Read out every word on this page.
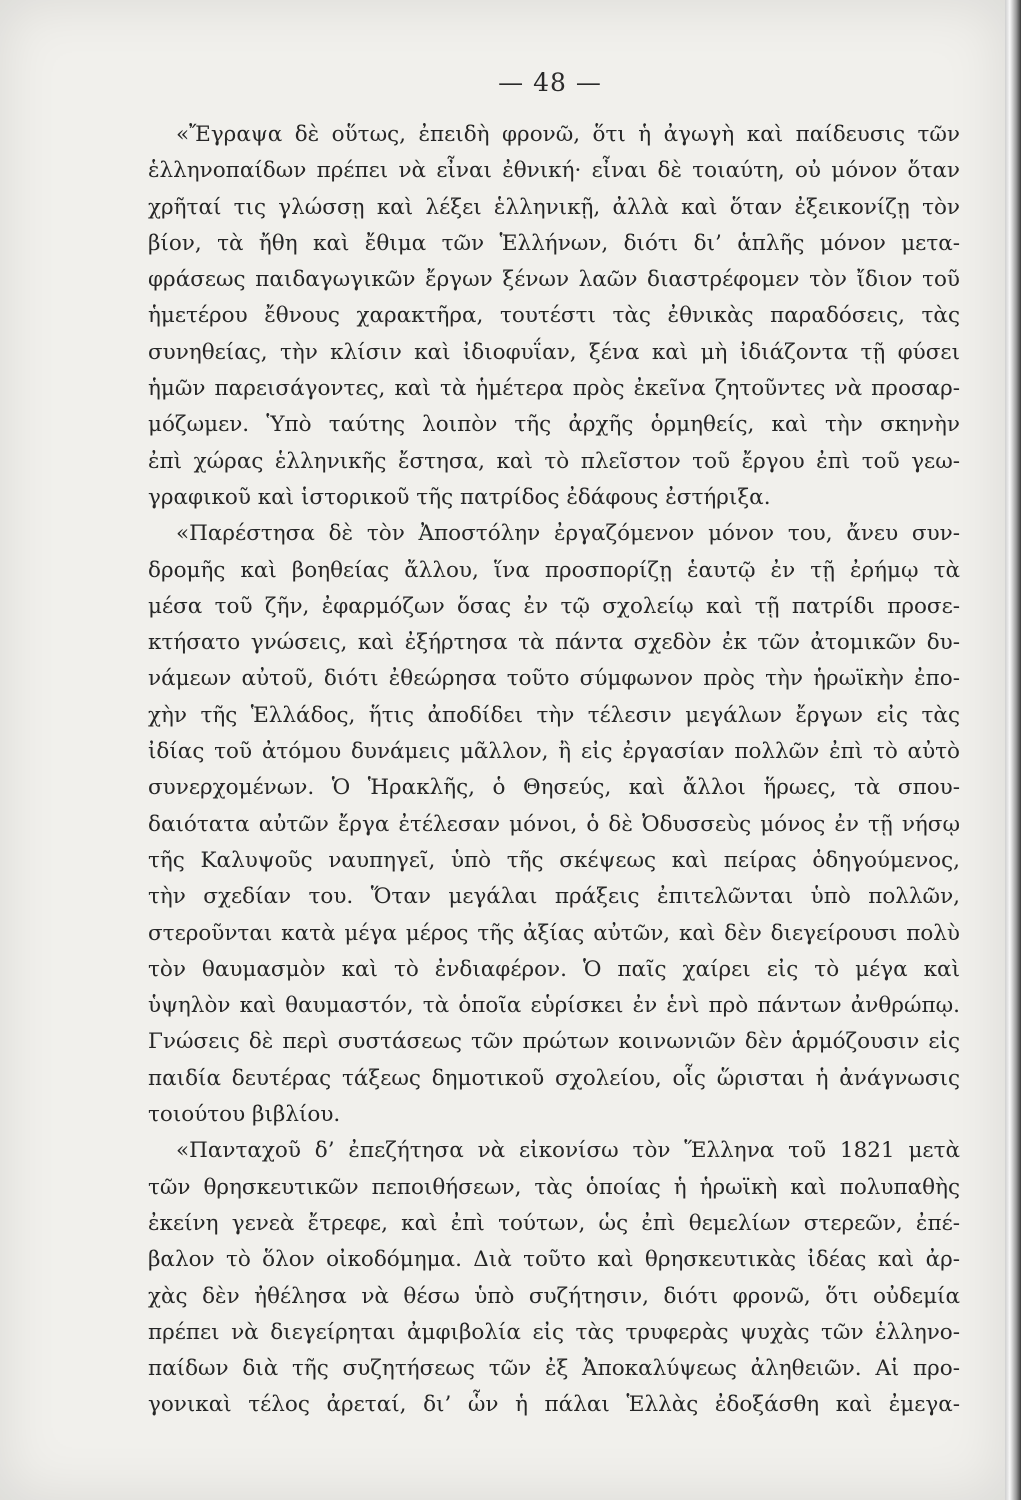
— 48 —
«Ἔγραψα δὲ οὕτως, ἐπειδὴ φρονῶ, ὅτι ἡ ἀγωγὴ καὶ παίδευσις τῶν
ἑλληνοπαίδων πρέπει νὰ εἶναι ἐθνική· εἶναι δὲ τοιαύτη, οὐ μόνον ὅταν
χρῆταί τις γλώσσῃ καὶ λέξει ἑλληνικῇ, ἀλλὰ καὶ ὅταν ἐξεικονίζῃ τὸν
βίον, τὰ ἤθη καὶ ἔθιμα τῶν Ἑλλήνων, διότι δι’ ἁπλῆς μόνον μετα-
φράσεως παιδαγωγικῶν ἔργων ξένων λαῶν διαστρέφομεν τὸν ἴδιον τοῦ
ἡμετέρου ἔθνους χαρακτῆρα, τουτέστι τὰς ἐθνικὰς παραδόσεις, τὰς
συνηθείας, τὴν κλίσιν καὶ ἰδιοφυΐαν, ξένα καὶ μὴ ἰδιάζοντα τῇ φύσει
ἡμῶν παρεισάγοντες, καὶ τὰ ἡμέτερα πρὸς ἐκεῖνα ζητοῦντες νὰ προσαρ-
μόζωμεν. Ὑπὸ ταύτης λοιπὸν τῆς ἀρχῆς ὁρμηθείς, καὶ τὴν σκηνὴν
ἐπὶ χώρας ἑλληνικῆς ἔστησα, καὶ τὸ πλεῖστον τοῦ ἔργου ἐπὶ τοῦ γεω-
γραφικοῦ καὶ ἱστορικοῦ τῆς πατρίδος ἐδάφους ἐστήριξα.
«Παρέστησα δὲ τὸν Ἀποστόλην ἐργαζόμενον μόνον του, ἄνευ συν-
δρομῆς καὶ βοηθείας ἄλλου, ἵνα προσπορίζῃ ἑαυτῷ ἐν τῇ ἐρήμῳ τὰ
μέσα τοῦ ζῆν, ἐφαρμόζων ὅσας ἐν τῷ σχολείῳ καὶ τῇ πατρίδι προσε-
κτήσατο γνώσεις, καὶ ἐξήρτησα τὰ πάντα σχεδὸν ἐκ τῶν ἀτομικῶν δυ-
νάμεων αὐτοῦ, διότι ἐθεώρησα τοῦτο σύμφωνον πρὸς τὴν ἡρωϊκὴν ἐπο-
χὴν τῆς Ἑλλάδος, ἥτις ἀποδίδει τὴν τέλεσιν μεγάλων ἔργων εἰς τὰς
ἰδίας τοῦ ἀτόμου δυνάμεις μᾶλλον, ἢ εἰς ἐργασίαν πολλῶν ἐπὶ τὸ αὐτὸ
συνερχομένων. Ὁ Ἡρακλῆς, ὁ Θησεύς, καὶ ἄλλοι ἥρωες, τὰ σπου-
δαιότατα αὐτῶν ἔργα ἐτέλεσαν μόνοι, ὁ δὲ Ὀδυσσεὺς μόνος ἐν τῇ νήσῳ
τῆς Καλυψοῦς ναυπηγεῖ, ὑπὸ τῆς σκέψεως καὶ πείρας ὁδηγούμενος,
τὴν σχεδίαν του. Ὅταν μεγάλαι πράξεις ἐπιτελῶνται ὑπὸ πολλῶν,
στεροῦνται κατὰ μέγα μέρος τῆς ἀξίας αὐτῶν, καὶ δὲν διεγείρουσι πολὺ
τὸν θαυμασμὸν καὶ τὸ ἐνδιαφέρον. Ὁ παῖς χαίρει εἰς τὸ μέγα καὶ
ὑψηλὸν καὶ θαυμαστόν, τὰ ὁποῖα εὑρίσκει ἐν ἑνὶ πρὸ πάντων ἀνθρώπῳ.
Γνώσεις δὲ περὶ συστάσεως τῶν πρώτων κοινωνιῶν δὲν ἁρμόζουσιν εἰς
παιδία δευτέρας τάξεως δημοτικοῦ σχολείου, οἷς ὥρισται ἡ ἀνάγνωσις
τοιούτου βιβλίου.
«Πανταχοῦ δ’ ἐπεζήτησα νὰ εἰκονίσω τὸν Ἕλληνα τοῦ 1821 μετὰ
τῶν θρησκευτικῶν πεποιθήσεων, τὰς ὁποίας ἡ ἡρωϊκὴ καὶ πολυπαθὴς
ἐκείνη γενεὰ ἔτρεφε, καὶ ἐπὶ τούτων, ὡς ἐπὶ θεμελίων στερεῶν, ἐπέ-
βαλον τὸ ὅλον οἰκοδόμημα. Διὰ τοῦτο καὶ θρησκευτικὰς ἰδέας καὶ ἀρ-
χὰς δὲν ἠθέλησα νὰ θέσω ὑπὸ συζήτησιν, διότι φρονῶ, ὅτι οὐδεμία
πρέπει νὰ διεγείρηται ἀμφιβολία εἰς τὰς τρυφερὰς ψυχὰς τῶν ἑλληνο-
παίδων διὰ τῆς συζητήσεως τῶν ἐξ Ἀποκαλύψεως ἀληθειῶν. Αἱ προ-
γονικαὶ τέλος ἀρεταί, δι’ ὧν ἡ πάλαι Ἑλλὰς ἐδοξάσθη καὶ ἐμεγα-
